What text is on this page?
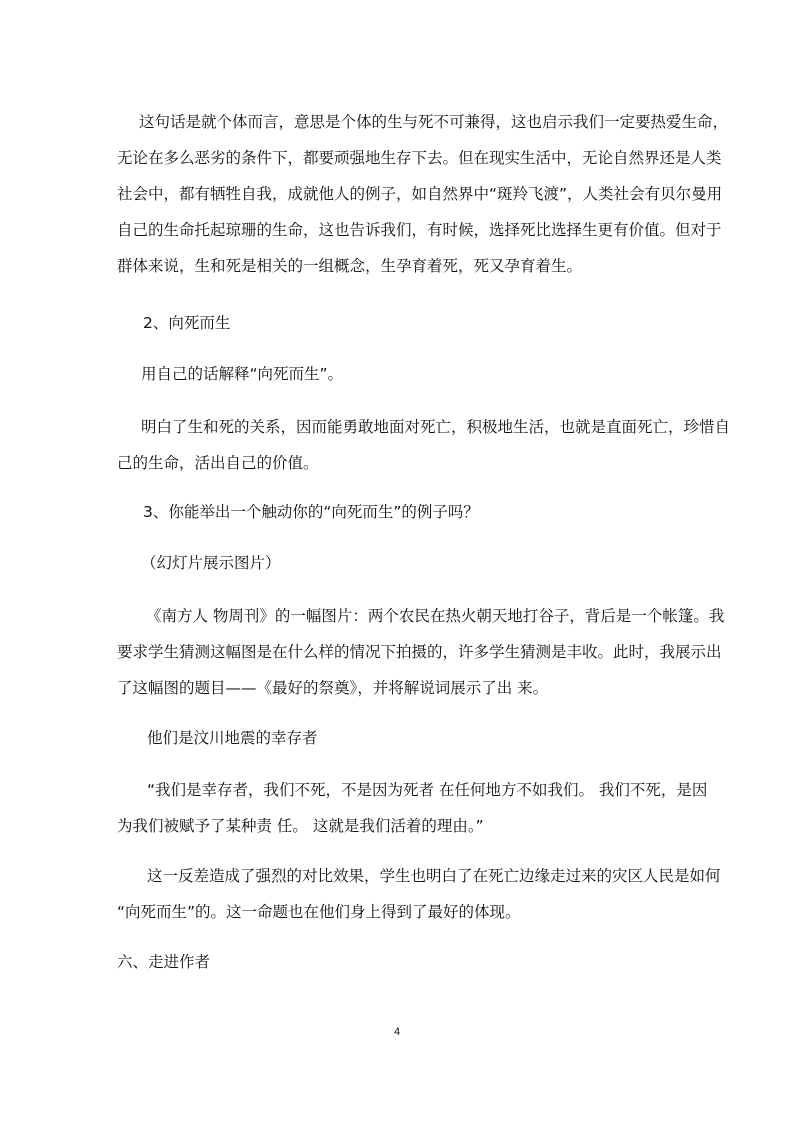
这句话是就个体而言，意思是个体的生与死不可兼得，这也启示我们一定要热爱生命，
无论在多么恶劣的条件下，都要顽强地生存下去。但在现实生活中，无论自然界还是人类
社会中，都有牺牲自我，成就他人的例子，如自然界中“斑羚飞渡”，人类社会有贝尔曼用
自己的生命托起琼珊的生命，这也告诉我们，有时候，选择死比选择生更有价值。但对于
群体来说，生和死是相关的一组概念，生孕育着死，死又孕育着生。
2、向死而生
用自己的话解释“向死而生”。
明白了生和死的关系，因而能勇敢地面对死亡，积极地生活，也就是直面死亡，珍惜自
己的生命，活出自己的价值。
3、你能举出一个触动你的“向死而生”的例子吗？
（幻灯片展示图片）
《南方人 物周刊》的一幅图片：两个农民在热火朝天地打谷子，背后是一个帐篷。我
要求学生猜测这幅图是在什么样的情况下拍摄的，许多学生猜测是丰收。此时，我展示出
了这幅图的题目——《最好的祭奠》，并将解说词展示了出 来。
他们是汶川地震的幸存者
“我们是幸存者，我们不死，不是因为死者 在任何地方不如我们。 我们不死，是因
为我们被赋予了某种责 任。 这就是我们活着的理由。”
这一反差造成了强烈的对比效果，学生也明白了在死亡边缘走过来的灾区人民是如何
“向死而生”的。这一命题也在他们身上得到了最好的体现。
六、走进作者
4
